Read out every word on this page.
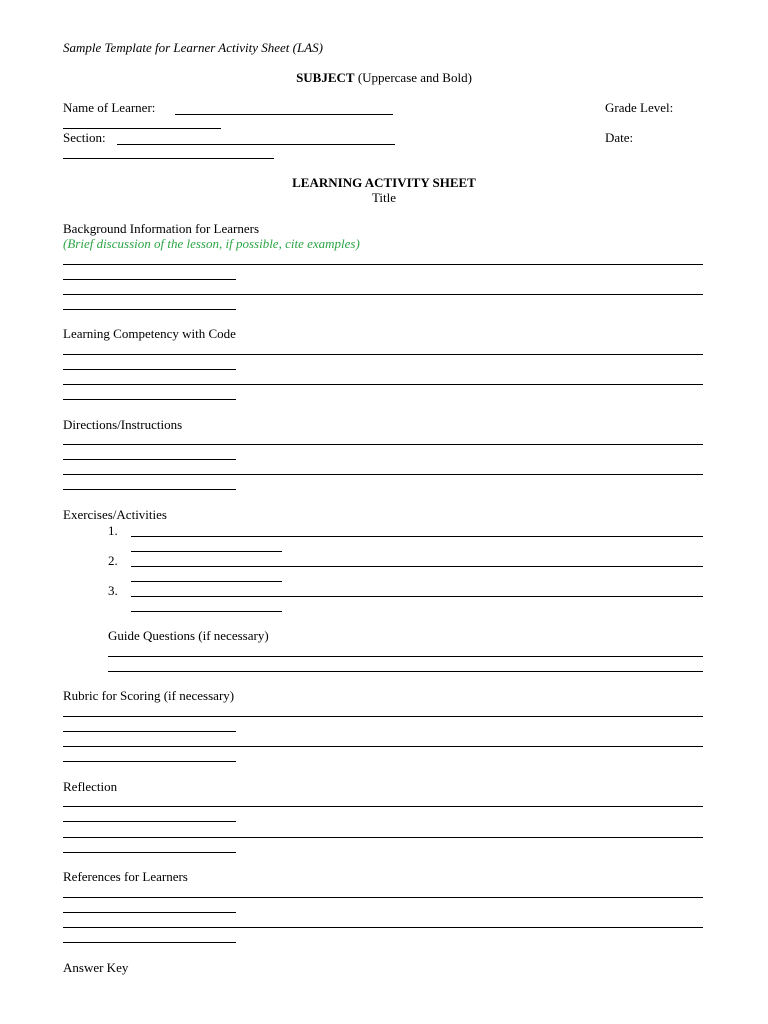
Sample Template for Learner Activity Sheet (LAS)
SUBJECT (Uppercase and Bold)
Name of Learner:	Grade Level:
Section:	Date:
LEARNING ACTIVITY SHEET
Title
Background Information for Learners
(Brief discussion of the lesson, if possible, cite examples)
Learning Competency with Code
Directions/Instructions
Exercises/Activities
1.
2.
3.
Guide Questions (if necessary)
Rubric for Scoring (if necessary)
Reflection
References for Learners
Answer Key
